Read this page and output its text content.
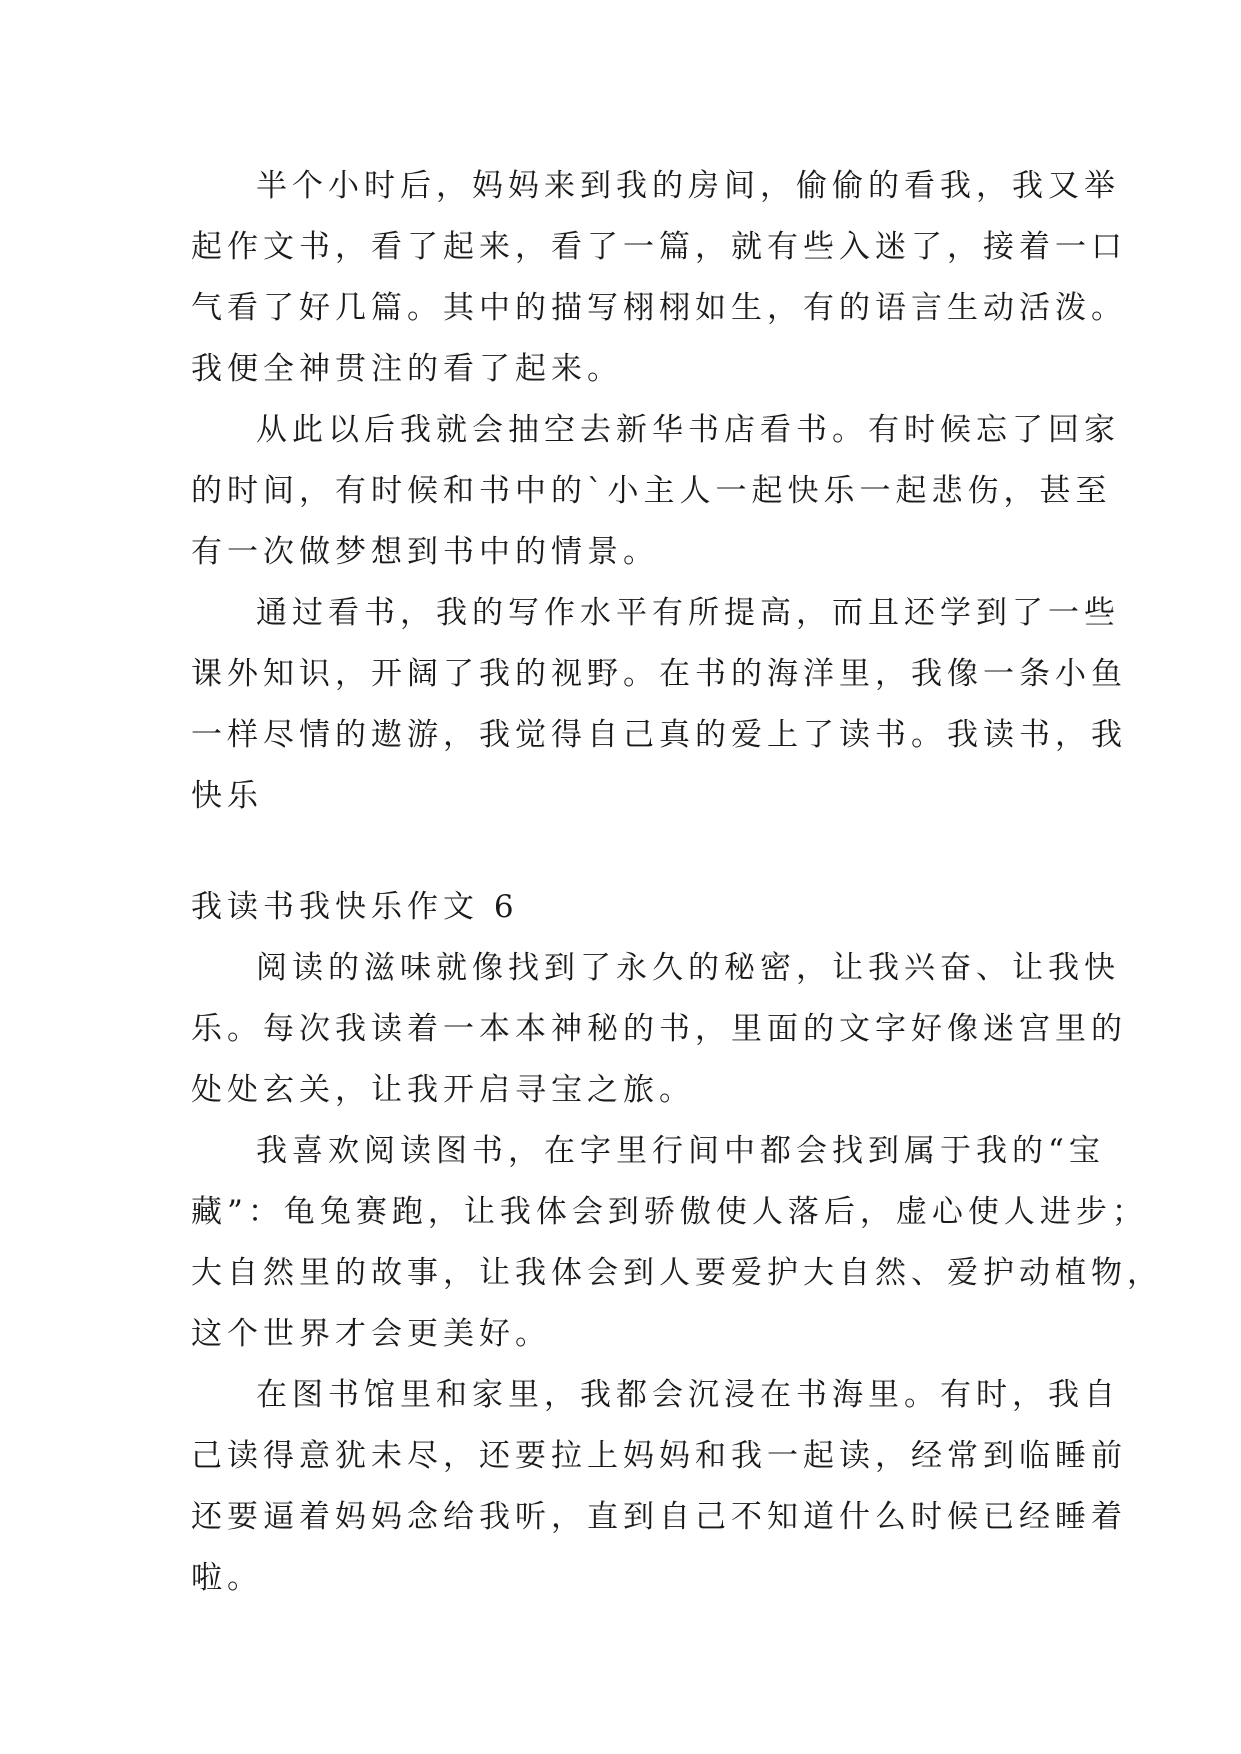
半个小时后，妈妈来到我的房间，偷偷的看我，我又举
起作文书，看了起来，看了一篇，就有些入迷了，接着一口
气看了好几篇。其中的描写栩栩如生，有的语言生动活泼。
我便全神贯注的看了起来。
从此以后我就会抽空去新华书店看书。有时候忘了回家
的时间，有时候和书中的`小主人一起快乐一起悲伤，甚至
有一次做梦想到书中的情景。
通过看书，我的写作水平有所提高，而且还学到了一些
课外知识，开阔了我的视野。在书的海洋里，我像一条小鱼
一样尽情的遨游，我觉得自己真的爱上了读书。我读书，我
快乐
我读书我快乐作文 6
阅读的滋味就像找到了永久的秘密，让我兴奋、让我快
乐。每次我读着一本本神秘的书，里面的文字好像迷宫里的
处处玄关，让我开启寻宝之旅。
我喜欢阅读图书，在字里行间中都会找到属于我的“宝
藏”：龟兔赛跑，让我体会到骄傲使人落后，虚心使人进步；
大自然里的故事，让我体会到人要爱护大自然、爱护动植物，
这个世界才会更美好。
在图书馆里和家里，我都会沉浸在书海里。有时，我自
己读得意犹未尽，还要拉上妈妈和我一起读，经常到临睡前
还要逼着妈妈念给我听，直到自己不知道什么时候已经睡着
啦。
